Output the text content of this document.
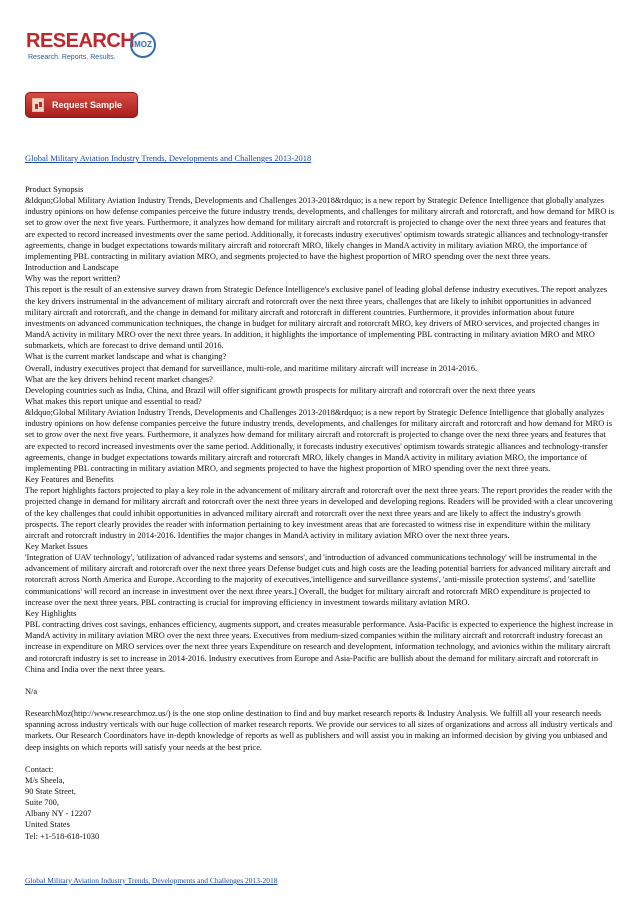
RESEARCH MOZ
Research. Reports. Results.
Request Sample
Global Military Aviation Industry Trends, Developments and Challenges 2013-2018

Product Synopsis

&ldquo;Global Military Aviation Industry Trends, Developments and Challenges 2013-2018&rdquo; is a new report by Strategic Defence Intelligence that globally analyzes industry opinions on how defense companies perceive the future industry trends, developments, and challenges for military aircraft and rotorcraft, and how demand for MRO is set to grow over the next five years. Furthermore, it analyzes how demand for military aircraft and rotorcraft is projected to change over the next three years and features that are expected to record increased investments over the same period. Additionally, it forecasts industry executives' optimism towards strategic alliances and technology-transfer agreements, change in budget expectations towards military aircraft and rotorcraft MRO, likely changes in MandA activity in military aviation MRO, the importance of implementing PBL contracting in military aviation MRO, and segments projected to have the highest proportion of MRO spending over the next three years.

Introduction and Landscape

Why was the report written?

This report is the result of an extensive survey drawn from Strategic Defence Intelligence's exclusive panel of leading global defense industry executives. The report analyzes the key drivers instrumental in the advancement of military aircraft and rotorcraft over the next three years, challenges that are likely to inhibit opportunities in advanced military aircraft and rotorcraft, and the change in demand for military aircraft and rotorcraft in different countries. Furthermore, it provides information about future investments on advanced communication techniques, the change in budget for military aircraft and rotorcraft MRO, key drivers of MRO services, and projected changes in MandA activity in military MRO over the next three years. In addition, it highlights the importance of implementing PBL contracting in military aviation MRO and MRO submarkets, which are forecast to drive demand until 2016.

What is the current market landscape and what is changing?

Overall, industry executives project that demand for surveillance, multi-role, and maritime military aircraft will increase in 2014-2016.

What are the key drivers behind recent market changes?

Developing countries such as India, China, and Brazil will offer significant growth prospects for military aircraft and rotorcraft over the next three years

What makes this report unique and essential to read?

&ldquo;Global Military Aviation Industry Trends, Developments and Challenges 2013-2018&rdquo; is a new report by Strategic Defence Intelligence that globally analyzes industry opinions on how defense companies perceive the future industry trends, developments, and challenges for military aircraft and rotorcraft and how demand for MRO is set to grow over the next five years. Furthermore, it analyzes how demand for military aircraft and rotorcraft is projected to change over the next three years and features that are expected to record increased investments over the same period. Additionally, it forecasts industry executives' optimism towards strategic alliances and technology-transfer agreements, change in budget expectations towards military aircraft and rotorcraft MRO, likely changes in MandA activity in military aviation MRO, the importance of implementing PBL contracting in military aviation MRO, and segments projected to have the highest proportion of MRO spending over the next three years.

Key Features and Benefits

The report highlights factors projected to play a key role in the advancement of military aircraft and rotorcraft over the next three years. The report provides the reader with the projected change in demand for military aircraft and rotorcraft over the next three years in developed and developing regions. Readers will be provided with a clear uncovering of the key challenges that could inhibit opportunities in advanced military aircraft and rotorcraft over the next three years and are likely to affect the industry's growth prospects. The report clearly provides the reader with information pertaining to key investment areas that are forecasted to witness rise in expenditure within the military aircraft and rotorcraft industry in 2014-2016. Identifies the major changes in MandA activity in military aviation MRO over the next three years.

Key Market Issues

'Integration of UAV technology', 'utilization of advanced radar systems and sensors', and 'introduction of advanced communications technology' will be instrumental in the advancement of military aircraft and rotorcraft over the next three years Defense budget cuts and high costs are the leading potential barriers for advanced military aircraft and rotorcraft across North America and Europe. According to the majority of executives,'intelligence and surveillance systems', 'anti-missile protection systems', and 'satellite communications' will record an increase in investment over the next three years.] Overall, the budget for military aircraft and rotorcraft MRO expenditure is projected to increase over the next three years. PBL contracting is crucial for improving efficiency in investment towards military aviation MRO.

Key Highlights

PBL contracting drives cost savings, enhances efficiency, augments support, and creates measurable performance. Asia-Pacific is expected to experience the highest increase in MandA activity in military aviation MRO over the next three years. Executives from medium-sized companies within the military aircraft and rotorcraft industry forecast an increase in expenditure on MRO services over the next three years Expenditure on research and development, information technology, and avionics within the military aircraft and rotorcraft industry is set to increase in 2014-2016. Industry executives from Europe and Asia-Pacific are bullish about the demand for military aircraft and rotorcraft in China and India over the next three years.

N/a

ResearchMoz(http://www.researchmoz.us/) is the one stop online destination to find and buy market research reports & Industry Analysis. We fulfill all your research needs spanning across industry verticals with our huge collection of market research reports. We provide our services to all sizes of organizations and across all industry verticals and markets. Our Research Coordinators have in-depth knowledge of reports as well as publishers and will assist you in making an informed decision by giving you unbiased and deep insights on which reports will satisfy your needs at the best price.

Contact:

M/s Sheela,

90 State Street,

Suite 700,

Albany NY - 12207

United States

Tel: +1-518-618-1030

Global Military Aviation Industry Trends, Developments and Challenges 2013-2018
